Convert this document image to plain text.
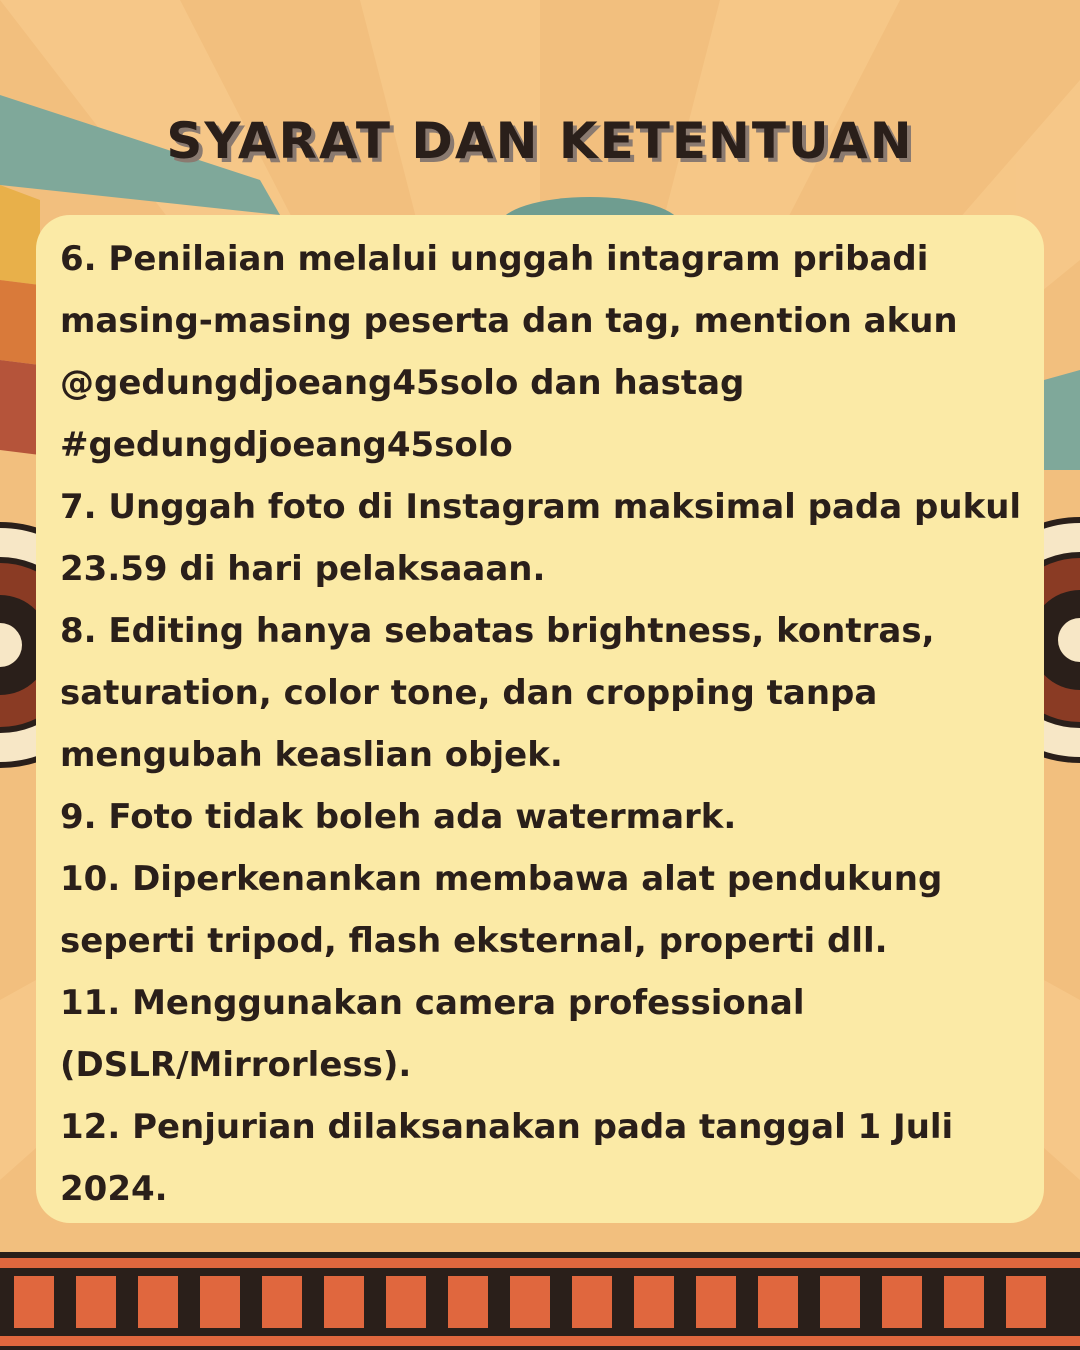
SYARAT DAN KETENTUAN
6. Penilaian melalui unggah intagram pribadi masing-masing peserta dan tag, mention akun @gedungdjoeang45solo dan hastag #gedungdjoeang45solo
7. Unggah foto di Instagram maksimal pada pukul 23.59 di hari pelaksaaan.
8. Editing hanya sebatas brightness, kontras, saturation, color tone, dan cropping tanpa mengubah keaslian objek.
9. Foto tidak boleh ada watermark.
10. Diperkenankan membawa alat pendukung seperti tripod, flash eksternal, properti dll.
11. Menggunakan camera professional (DSLR/Mirrorless).
12. Penjurian dilaksanakan pada tanggal 1 Juli 2024.
